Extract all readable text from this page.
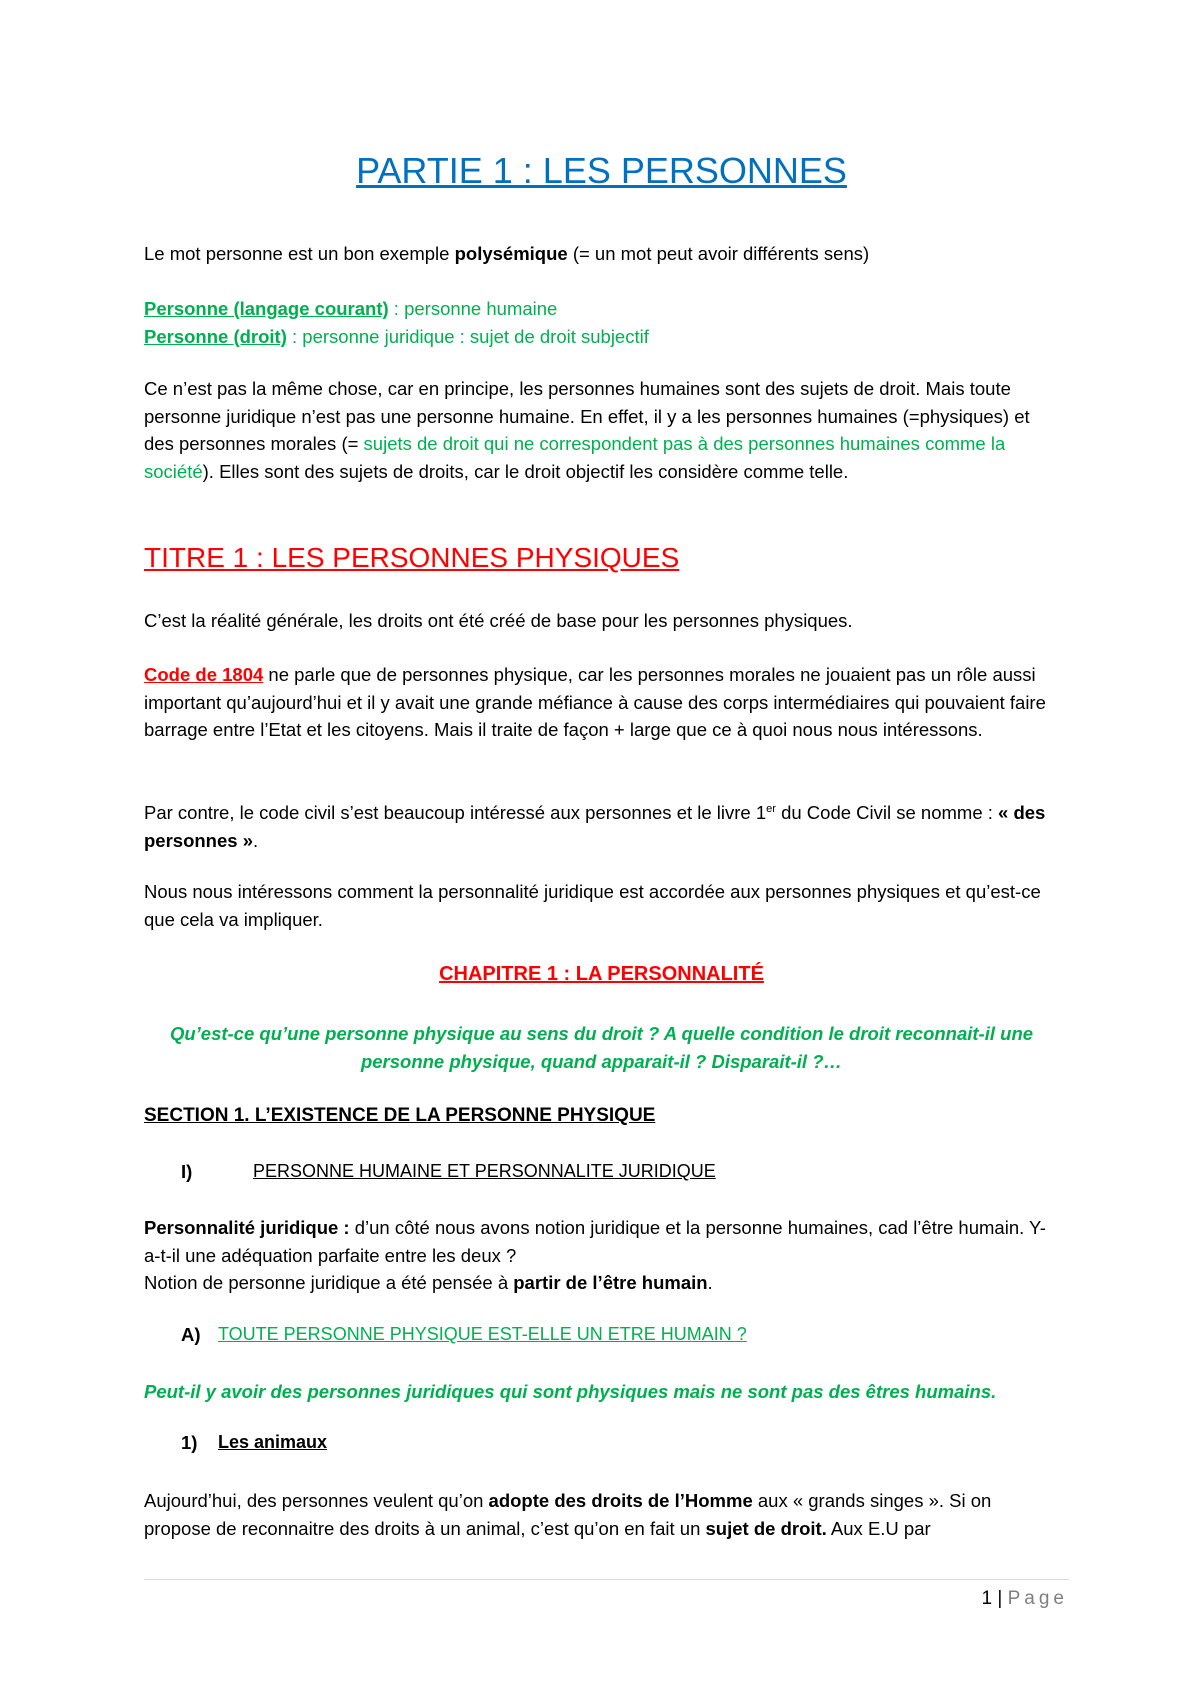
PARTIE 1 : LES PERSONNES

Le mot personne est un bon exemple polysémique (= un mot peut avoir différents sens)

Personne (langage courant) : personne humaine
Personne (droit) : personne juridique : sujet de droit subjectif

Ce n’est pas la même chose, car en principe, les personnes humaines sont des sujets de droit. Mais toute personne juridique n’est pas une personne humaine. En effet, il y a les personnes humaines (=physiques) et des personnes morales (= sujets de droit qui ne correspondent pas à des personnes humaines comme la société). Elles sont des sujets de droits, car le droit objectif les considère comme telle.

TITRE 1 : LES PERSONNES PHYSIQUES

C’est la réalité générale, les droits ont été créé de base pour les personnes physiques.

Code de 1804 ne parle que de personnes physique, car les personnes morales ne jouaient pas un rôle aussi important qu’aujourd’hui et il y avait une grande méfiance à cause des corps intermédiaires qui pouvaient faire barrage entre l’Etat et les citoyens. Mais il traite de façon + large que ce à quoi nous nous intéressons.

Par contre, le code civil s’est beaucoup intéressé aux personnes et le livre 1er du Code Civil se nomme : « des personnes ».

Nous nous intéressons comment la personnalité juridique est accordée aux personnes physiques et qu’est-ce que cela va impliquer.

CHAPITRE 1 : LA PERSONNALITÉ
Qu’est-ce qu’une personne physique au sens du droit ? A quelle condition le droit reconnait-il une personne physique, quand apparait-il ? Disparait-il ?…
SECTION 1. L’EXISTENCE DE LA PERSONNE PHYSIQUE
I)	PERSONNE HUMAINE ET PERSONNALITE JURIDIQUE

Personnalité juridique : d’un côté nous avons notion juridique et la personne humaines, cad l’être humain. Y-a-t-il une adéquation parfaite entre les deux ?
Notion de personne juridique a été pensée à partir de l’être humain.

A) TOUTE PERSONNE PHYSIQUE EST-ELLE UN ETRE HUMAIN ?

Peut-il y avoir des personnes juridiques qui sont physiques mais ne sont pas des êtres humains.

1) Les animaux

Aujourd’hui, des personnes veulent qu’on adopte des droits de l’Homme aux « grands singes ». Si on propose de reconnaitre des droits à un animal, c’est qu’on en fait un sujet de droit. Aux E.U par

1 | Page
